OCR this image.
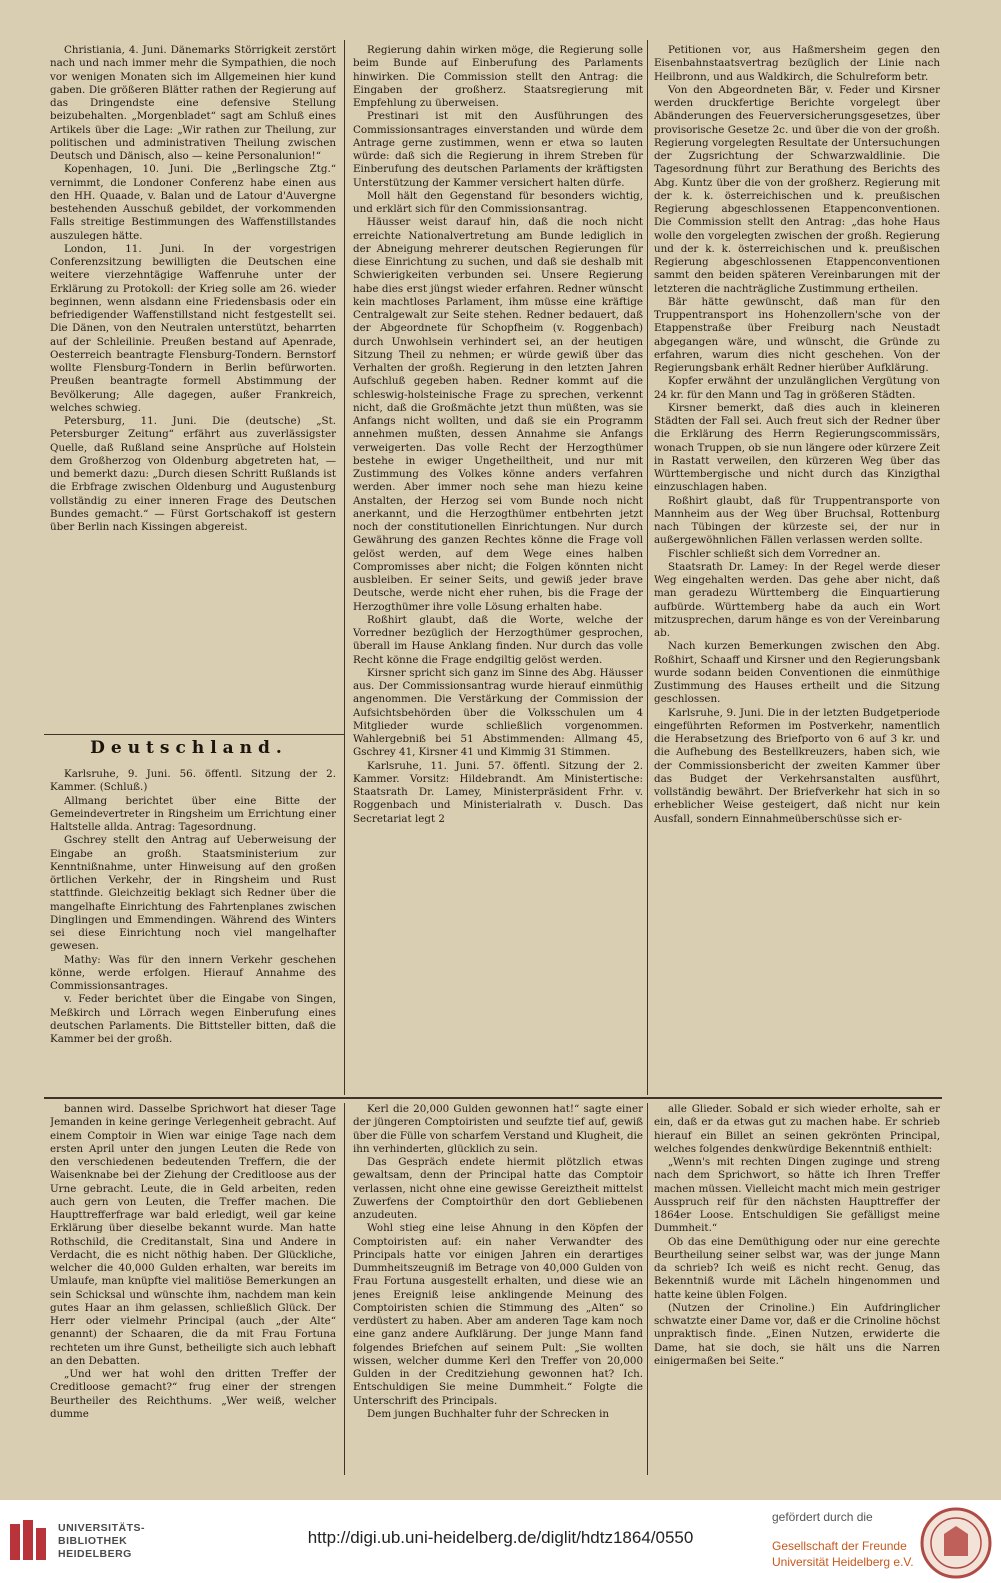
Christiania, 4. Juni. Dänemarks Störrigkeit zerstört nach und nach immer mehr die Sympathien, die noch vor wenigen Monaten sich im Allgemeinen hier kund gaben. Die größeren Blätter rathen der Regierung auf das Dringendste eine defensive Stellung beizubehalten. „Morgenbladet“ sagt am Schluß eines Artikels über die Lage: „Wir rathen zur Theilung, zur politischen und administrativen Theilung zwischen Deutsch und Dänisch, also — keine Personalunion!“

Kopenhagen, 10. Juni. Die „Berlingsche Ztg.“ vernimmt, die Londoner Conferenz habe einen aus den HH. Quaade, v. Balan und de Latour d'Auvergne bestehenden Ausschuß gebildet, der vorkommenden Falls streitige Bestimmungen des Waffenstillstandes auszulegen hätte.

London, 11. Juni. In der vorgestrigen Conferenzsitzung bewilligten die Deutschen eine weitere vierzehntägige Waffenruhe unter der Erklärung zu Protokoll: der Krieg solle am 26. wieder beginnen, wenn alsdann eine Friedensbasis oder ein befriedigender Waffenstillstand nicht festgestellt sei. Die Dänen, von den Neutralen unterstützt, beharrten auf der Schleilinie. Preußen bestand auf Apenrade, Oesterreich beantragte Flensburg-Tondern. Bernstorf wollte Flensburg-Tondern in Berlin befürworten. Preußen beantragte formell Abstimmung der Bevölkerung; Alle dagegen, außer Frankreich, welches schwieg.

Petersburg, 11. Juni. Die (deutsche) „St. Petersburger Zeitung“ erfährt aus zuverlässigster Quelle, daß Rußland seine Ansprüche auf Holstein dem Großherzog von Oldenburg abgetreten hat, — und bemerkt dazu: „Durch diesen Schritt Rußlands ist die Erbfrage zwischen Oldenburg und Augustenburg vollständig zu einer inneren Frage des Deutschen Bundes gemacht.“ — Fürst Gortschakoff ist gestern über Berlin nach Kissingen abgereist.

Deutschland.

Karlsruhe, 9. Juni. 56. öffentl. Sitzung der 2. Kammer. (Schluß.)

Allmang berichtet über eine Bitte der Gemeindevertreter in Ringsheim um Errichtung einer Haltstelle allda. Antrag: Tagesordnung.

Gschrey stellt den Antrag auf Ueberweisung der Eingabe an großh. Staatsministerium zur Kenntnißnahme, unter Hinweisung auf den großen örtlichen Verkehr, der in Ringsheim und Rust stattfinde. Gleichzeitig beklagt sich Redner über die mangelhafte Einrichtung des Fahrtenplanes zwischen Dinglingen und Emmendingen. Während des Winters sei diese Einrichtung noch viel mangelhafter gewesen.

Mathy: Was für den innern Verkehr geschehen könne, werde erfolgen. Hierauf Annahme des Commissionsantrages.

v. Feder berichtet über die Eingabe von Singen, Meßkirch und Lörrach wegen Einberufung eines deutschen Parlaments. Die Bittsteller bitten, daß die Kammer bei der großh.

Regierung dahin wirken möge, die Regierung solle beim Bunde auf Einberufung des Parlaments hinwirken. Die Commission stellt den Antrag: die Eingaben der großherz. Staatsregierung mit Empfehlung zu überweisen.

Prestinari ist mit den Ausführungen des Commissionsantrages einverstanden und würde dem Antrage gerne zustimmen, wenn er etwa so lauten würde: daß sich die Regierung in ihrem Streben für Einberufung des deutschen Parlaments der kräftigsten Unterstützung der Kammer versichert halten dürfe.

Moll hält den Gegenstand für besonders wichtig, und erklärt sich für den Commissionsantrag.

Häusser weist darauf hin, daß die noch nicht erreichte Nationalvertretung am Bunde lediglich in der Abneigung mehrerer deutschen Regierungen für diese Einrichtung zu suchen, und daß sie deshalb mit Schwierigkeiten verbunden sei. Unsere Regierung habe dies erst jüngst wieder erfahren. Redner wünscht kein machtloses Parlament, ihm müsse eine kräftige Centralgewalt zur Seite stehen. Redner bedauert, daß der Abgeordnete für Schopfheim (v. Roggenbach) durch Unwohlsein verhindert sei, an der heutigen Sitzung Theil zu nehmen; er würde gewiß über das Verhalten der großh. Regierung in den letzten Jahren Aufschluß gegeben haben. Redner kommt auf die schleswig-holsteinische Frage zu sprechen, verkennt nicht, daß die Großmächte jetzt thun müßten, was sie Anfangs nicht wollten, und daß sie ein Programm annehmen mußten, dessen Annahme sie Anfangs verweigerten. Das volle Recht der Herzogthümer bestehe in ewiger Ungetheiltheit, und nur mit Zustimmung des Volkes könne anders verfahren werden. Aber immer noch sehe man hiezu keine Anstalten, der Herzog sei vom Bunde noch nicht anerkannt, und die Herzogthümer entbehrten jetzt noch der constitutionellen Einrichtungen. Nur durch Gewährung des ganzen Rechtes könne die Frage voll gelöst werden, auf dem Wege eines halben Compromisses aber nicht; die Folgen könnten nicht ausbleiben. Er seiner Seits, und gewiß jeder brave Deutsche, werde nicht eher ruhen, bis die Frage der Herzogthümer ihre volle Lösung erhalten habe.

Roßhirt glaubt, daß die Worte, welche der Vorredner bezüglich der Herzogthümer gesprochen, überall im Hause Anklang finden. Nur durch das volle Recht könne die Frage endgiltig gelöst werden.

Kirsner spricht sich ganz im Sinne des Abg. Häusser aus. Der Commissionsantrag wurde hierauf einmüthig angenommen. Die Verstärkung der Commission der Aufsichtsbehörden über die Volksschulen um 4 Mitglieder wurde schließlich vorgenommen. Wahlergebniß bei 51 Abstimmenden: Allmang 45, Gschrey 41, Kirsner 41 und Kimmig 31 Stimmen.

Karlsruhe, 11. Juni. 57. öffentl. Sitzung der 2. Kammer. Vorsitz: Hildebrandt. Am Ministertische: Staatsrath Dr. Lamey, Ministerpräsident Frhr. v. Roggenbach und Ministerialrath v. Dusch. Das Secretariat legt 2

Petitionen vor, aus Haßmersheim gegen den Eisenbahnstaatsvertrag bezüglich der Linie nach Heilbronn, und aus Waldkirch, die Schulreform betr.

Von den Abgeordneten Bär, v. Feder und Kirsner werden druckfertige Berichte vorgelegt über Abänderungen des Feuerversicherungsgesetzes, über provisorische Gesetze 2c. und über die von der großh. Regierung vorgelegten Resultate der Untersuchungen der Zugsrichtung der Schwarzwaldlinie. Die Tagesordnung führt zur Berathung des Berichts des Abg. Kuntz über die von der großherz. Regierung mit der k. k. österreichischen und k. preußischen Regierung abgeschlossenen Etappenconventionen. Die Commission stellt den Antrag: „das hohe Haus wolle den vorgelegten zwischen der großh. Regierung und der k. k. österreichischen und k. preußischen Regierung abgeschlossenen Etappenconventionen sammt den beiden späteren Vereinbarungen mit der letzteren die nachträgliche Zustimmung ertheilen.

Bär hätte gewünscht, daß man für den Truppentransport ins Hohenzollern'sche von der Etappenstraße über Freiburg nach Neustadt abgegangen wäre, und wünscht, die Gründe zu erfahren, warum dies nicht geschehen. Von der Regierungsbank erhält Redner hierüber Aufklärung.

Kopfer erwähnt der unzulänglichen Vergütung von 24 kr. für den Mann und Tag in größeren Städten.

Kirsner bemerkt, daß dies auch in kleineren Städten der Fall sei. Auch freut sich der Redner über die Erklärung des Herrn Regierungscommissärs, wonach Truppen, ob sie nun längere oder kürzere Zeit in Rastatt verweilen, den kürzeren Weg über das Württembergische und nicht durch das Kinzigthal einzuschlagen haben.

Roßhirt glaubt, daß für Truppentransporte von Mannheim aus der Weg über Bruchsal, Rottenburg nach Tübingen der kürzeste sei, der nur in außergewöhnlichen Fällen verlassen werden sollte.

Fischler schließt sich dem Vorredner an.

Staatsrath Dr. Lamey: In der Regel werde dieser Weg eingehalten werden. Das gehe aber nicht, daß man geradezu Württemberg die Einquartierung aufbürde. Württemberg habe da auch ein Wort mitzusprechen, darum hänge es von der Vereinbarung ab.

Nach kurzen Bemerkungen zwischen den Abg. Roßhirt, Schaaff und Kirsner und den Regierungsbank wurde sodann beiden Conventionen die einmüthige Zustimmung des Hauses ertheilt und die Sitzung geschlossen.

Karlsruhe, 9. Juni. Die in der letzten Budgetperiode eingeführten Reformen im Postverkehr, namentlich die Herabsetzung des Briefporto von 6 auf 3 kr. und die Aufhebung des Bestellkreuzers, haben sich, wie der Commissionsbericht der zweiten Kammer über das Budget der Verkehrsanstalten ausführt, vollständig bewährt. Der Briefverkehr hat sich in so erheblicher Weise gesteigert, daß nicht nur kein Ausfall, sondern Einnahmeüberschüsse sich er-

bannen wird. Dasselbe Sprichwort hat dieser Tage Jemanden in keine geringe Verlegenheit gebracht. Auf einem Comptoir in Wien war einige Tage nach dem ersten April unter den jungen Leuten die Rede von den verschiedenen bedeutenden Treffern, die der Waisenknabe bei der Ziehung der Creditloose aus der Urne gebracht. Leute, die in Geld arbeiten, reden auch gern von Leuten, die Treffer machen. Die Haupttrefferfrage war bald erledigt, weil gar keine Erklärung über dieselbe bekannt wurde. Man hatte Rothschild, die Creditanstalt, Sina und Andere in Verdacht, die es nicht nöthig haben. Der Glückliche, welcher die 40,000 Gulden erhalten, war bereits im Umlaufe, man knüpfte viel malitiöse Bemerkungen an sein Schicksal und wünschte ihm, nachdem man kein gutes Haar an ihm gelassen, schließlich Glück. Der Herr oder vielmehr Principal (auch „der Alte“ genannt) der Schaaren, die da mit Frau Fortuna rechteten um ihre Gunst, betheiligte sich auch lebhaft an den Debatten.

„Und wer hat wohl den dritten Treffer der Creditloose gemacht?“ frug einer der strengen Beurtheiler des Reichthums. „Wer weiß, welcher dumme

Kerl die 20,000 Gulden gewonnen hat!“ sagte einer der jüngeren Comptoiristen und seufzte tief auf, gewiß über die Fülle von scharfem Verstand und Klugheit, die ihn verhinderten, glücklich zu sein.

Das Gespräch endete hiermit plötzlich etwas gewaltsam, denn der Principal hatte das Comptoir verlassen, nicht ohne eine gewisse Gereiztheit mittelst Zuwerfens der Comptoirthür den dort Gebliebenen anzudeuten.

Wohl stieg eine leise Ahnung in den Köpfen der Comptoiristen auf: ein naher Verwandter des Principals hatte vor einigen Jahren ein derartiges Dummheitszeugniß im Betrage von 40,000 Gulden von Frau Fortuna ausgestellt erhalten, und diese wie an jenes Ereigniß leise anklingende Meinung des Comptoiristen schien die Stimmung des „Alten“ so verdüstert zu haben. Aber am anderen Tage kam noch eine ganz andere Aufklärung. Der junge Mann fand folgendes Briefchen auf seinem Pult: „Sie wollten wissen, welcher dumme Kerl den Treffer von 20,000 Gulden in der Creditziehung gewonnen hat? Ich. Entschuldigen Sie meine Dummheit.“ Folgte die Unterschrift des Principals.

Dem jungen Buchhalter fuhr der Schrecken in

alle Glieder. Sobald er sich wieder erholte, sah er ein, daß er da etwas gut zu machen habe. Er schrieb hierauf ein Billet an seinen gekrönten Principal, welches folgendes denkwürdige Bekenntniß enthielt:

„Wenn's mit rechten Dingen zuginge und streng nach dem Sprichwort, so hätte ich Ihren Treffer machen müssen. Vielleicht macht mich mein gestriger Ausspruch reif für den nächsten Haupttreffer der 1864er Loose. Entschuldigen Sie gefälligst meine Dummheit.“

Ob das eine Demüthigung oder nur eine gerechte Beurtheilung seiner selbst war, was der junge Mann da schrieb? Ich weiß es nicht recht. Genug, das Bekenntniß wurde mit Lächeln hingenommen und hatte keine üblen Folgen.

(Nutzen der Crinoline.) Ein Aufdringlicher schwatzte einer Dame vor, daß er die Crinoline höchst unpraktisch finde. „Einen Nutzen, erwiderte die Dame, hat sie doch, sie hält uns die Narren einigermaßen bei Seite.“

UNIVERSITÄTS-
BIBLIOTHEK
HEIDELBERG
http://digi.ub.uni-heidelberg.de/diglit/hdtz1864/0550
gefördert durch die
Gesellschaft der Freunde
Universität Heidelberg e.V.
